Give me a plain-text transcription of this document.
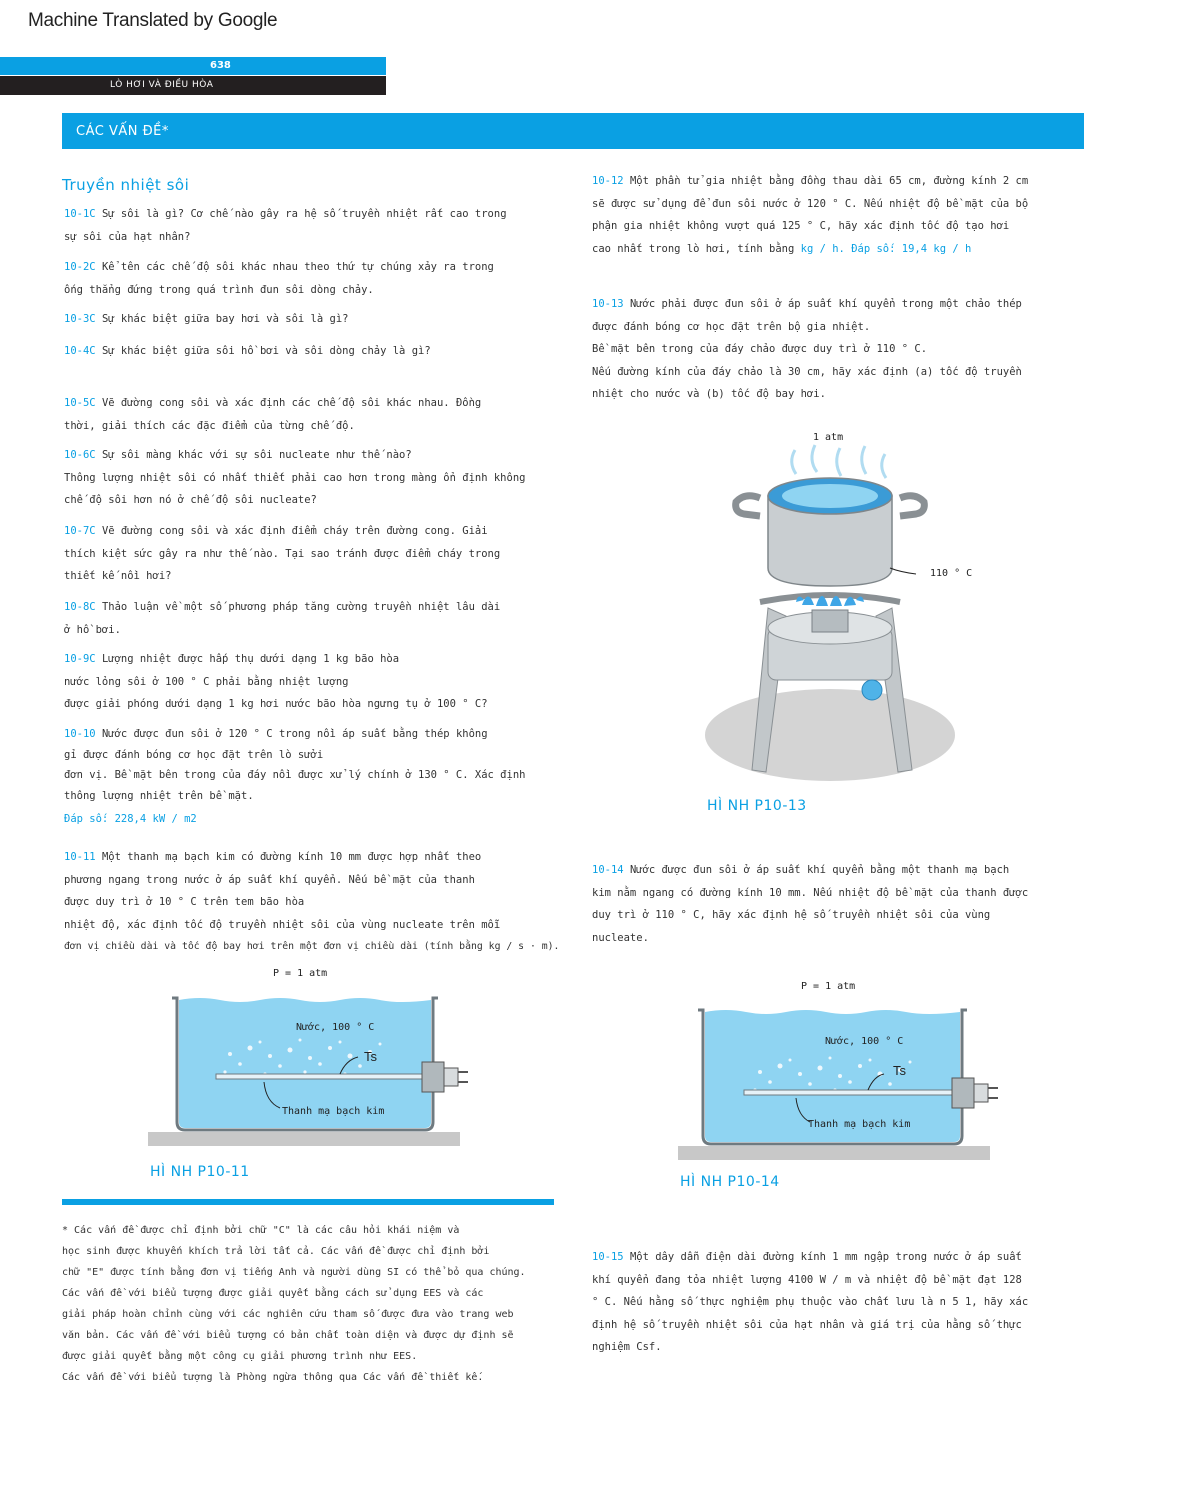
Machine Translated by Google
638
LÒ HƠI VÀ ĐIỀU HÒA
CÁC VẤN ĐỀ*
Truyền nhiệt sôi
10-1C Sự sôi là gì? Cơ chế nào gây ra hệ số truyền nhiệt rất cao trong
sự sôi của hạt nhân?
10-2C Kể tên các chế độ sôi khác nhau theo thứ tự chúng xảy ra trong
ống thẳng đứng trong quá trình đun sôi dòng chảy.
10-3C Sự khác biệt giữa bay hơi và sôi là gì?
10-4C Sự khác biệt giữa sôi hồ bơi và sôi dòng chảy là gì?
10-5C Vẽ đường cong sôi và xác định các chế độ sôi khác nhau. Đồng
thời, giải thích các đặc điểm của từng chế độ.
10-6C Sự sôi màng khác với sự sôi nucleate như thế nào?
Thông lượng nhiệt sôi có nhất thiết phải cao hơn trong màng ổn định không
chế độ sôi hơn nó ở chế độ sôi nucleate?
10-7C Vẽ đường cong sôi và xác định điểm cháy trên đường cong. Giải
thích kiệt sức gây ra như thế nào. Tại sao tránh được điểm cháy trong
thiết kế nồi hơi?
10-8C Thảo luận về một số phương pháp tăng cường truyền nhiệt lâu dài
ở hồ bơi.
10-9C Lượng nhiệt được hấp thụ dưới dạng 1 kg bão hòa
nước lỏng sôi ở 100 ° C phải bằng nhiệt lượng
được giải phóng dưới dạng 1 kg hơi nước bão hòa ngưng tụ ở 100 ° C?
10-10 Nước được đun sôi ở 120 ° C trong nồi áp suất bằng thép không
gỉ được đánh bóng cơ học đặt trên lò sưởi
đơn vị. Bề mặt bên trong của đáy nồi được xử lý chính ở 130 ° C. Xác định
thông lượng nhiệt trên bề mặt.
Đáp số: 228,4 kW / m2
10-11 Một thanh mạ bạch kim có đường kính 10 mm được hợp nhất theo
phương ngang trong nước ở áp suất khí quyển. Nếu bề mặt của thanh
được duy trì ở 10 ° C trên tem bão hòa
nhiệt độ, xác định tốc độ truyền nhiệt sôi của vùng nucleate trên mỗi
đơn vị chiều dài và tốc độ bay hơi trên một đơn vị chiều dài (tính bằng kg / s · m).
P = 1 atm
Nước, 100 ° C
Ts
Thanh mạ bạch kim
HÌ NH P10-11
* Các vấn đề được chỉ định bởi chữ "C" là các câu hỏi khái niệm và
học sinh được khuyến khích trả lời tất cả. Các vấn đề được chỉ định bởi
chữ "E" được tính bằng đơn vị tiếng Anh và người dùng SI có thể bỏ qua chúng.
Các vấn đề với biểu tượng được giải quyết bằng cách sử dụng EES và các
giải pháp hoàn chỉnh cùng với các nghiên cứu tham số được đưa vào trang web
văn bản. Các vấn đề với biểu tượng có bản chất toàn diện và được dự định sẽ
được giải quyết bằng một công cụ giải phương trình như EES.
Các vấn đề với biểu tượng là Phòng ngừa thông qua Các vấn đề thiết kế.
10-12 Một phần tử gia nhiệt bằng đồng thau dài 65 cm, đường kính 2 cm
sẽ được sử dụng để đun sôi nước ở 120 ° C. Nếu nhiệt độ bề mặt của bộ
phận gia nhiệt không vượt quá 125 ° C, hãy xác định tốc độ tạo hơi
cao nhất trong lò hơi, tính bằng kg / h. Đáp số: 19,4 kg / h
10-13 Nước phải được đun sôi ở áp suất khí quyển trong một chảo thép
được đánh bóng cơ học đặt trên bộ gia nhiệt.
Bề mặt bên trong của đáy chảo được duy trì ở 110 ° C.
Nếu đường kính của đáy chảo là 30 cm, hãy xác định (a) tốc độ truyền
nhiệt cho nước và (b) tốc độ bay hơi.
1 atm
110 ° C
HÌ NH P10-13
10-14 Nước được đun sôi ở áp suất khí quyển bằng một thanh mạ bạch
kim nằm ngang có đường kính 10 mm. Nếu nhiệt độ bề mặt của thanh được
duy trì ở 110 ° C, hãy xác định hệ số truyền nhiệt sôi của vùng
nucleate.
P = 1 atm
Nước, 100 ° C
Ts
Thanh mạ bạch kim
HÌ NH P10-14
10-15 Một dây dẫn điện dài đường kính 1 mm ngập trong nước ở áp suất
khí quyển đang tỏa nhiệt lượng 4100 W / m và nhiệt độ bề mặt đạt 128
° C. Nếu hằng số thực nghiệm phụ thuộc vào chất lưu là n 5 1, hãy xác
định hệ số truyền nhiệt sôi của hạt nhân và giá trị của hằng số thực
nghiệm Csf.
